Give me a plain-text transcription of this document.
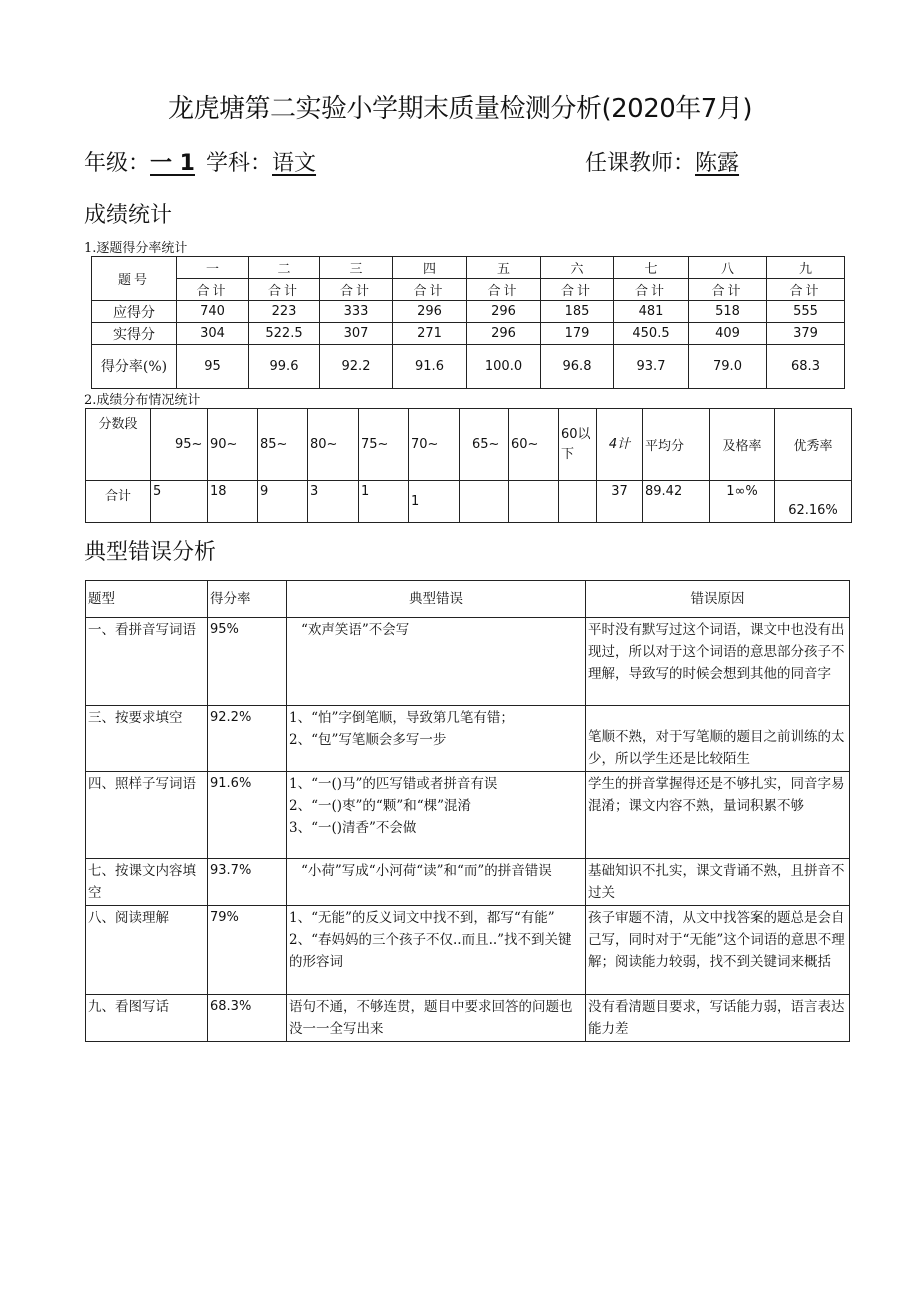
龙虎塘第二实验小学期末质量检测分析(2020年7月)
年级：一 1 学科：语文	任课教师：陈露
成绩统计
1.逐题得分率统计
题号	一	二	三	四	五	六	七	八	九
	合计	合计	合计	合计	合计	合计	合计	合计	合计
应得分	740	223	333	296	296	185	481	518	555
实得分	304	522.5	307	271	296	179	450.5	409	379
得分率(%)	95	99.6	92.2	91.6	100.0	96.8	93.7	79.0	68.3
2.成绩分布情况统计
分数段	95~	90~	85~	80~	75~	70~	65~	60~	60以下	4计	平均分	及格率	优秀率
合计	5	18	9	3	1	1				37	89.42	1∞%	62.16%
典型错误分析
题型	得分率	典型错误	错误原因
一、看拼音写词语	95%	“欢声笑语”不会写	平时没有默写过这个词语，课文中也没有出现过，所以对于这个词语的意思部分孩子不理解，导致写的时候会想到其他的同音字
三、按要求填空	92.2%	1、“怕”字倒笔顺，导致第几笔有错；
2、“包”写笔顺会多写一步	笔顺不熟，对于写笔顺的题目之前训练的太少，所以学生还是比较陌生
四、照样子写词语	91.6%	1、“一()马”的匹写错或者拼音有误
2、“一()枣”的“颗”和“棵”混淆
3、“一()清香”不会做	学生的拼音掌握得还是不够扎实，同音字易混淆；课文内容不熟，量词积累不够
七、按课文内容填空	93.7%	“小荷”写成“小河荷“读”和“而”的拼音错误	基础知识不扎实，课文背诵不熟，且拼音不过关
八、阅读理解	79%	1、“无能”的反义词文中找不到，都写“有能”
2、“春妈妈的三个孩子不仅..而且..”找不到关键的形容词	孩子审题不清，从文中找答案的题总是会自己写，同时对于“无能”这个词语的意思不理解；阅读能力较弱，找不到关键词来概括
九、看图写话	68.3%	语句不通，不够连贯，题目中要求回答的问题也没一一全写出来	没有看清题目要求，写话能力弱，语言表达能力差
